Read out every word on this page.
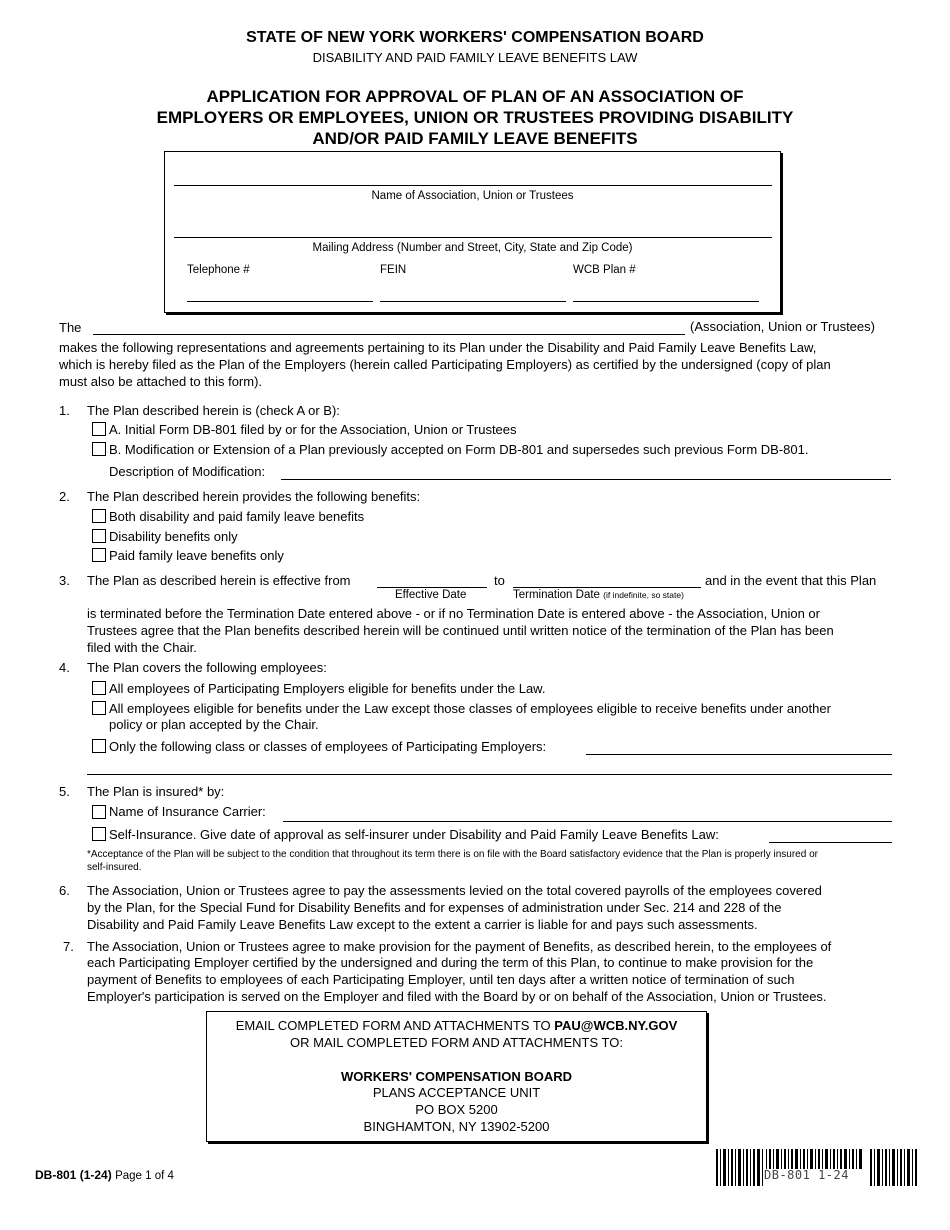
STATE OF NEW YORK WORKERS' COMPENSATION BOARD
DISABILITY AND PAID FAMILY LEAVE BENEFITS LAW
APPLICATION FOR APPROVAL OF PLAN OF AN ASSOCIATION OF
EMPLOYERS OR EMPLOYEES, UNION OR TRUSTEES PROVIDING DISABILITY
AND/OR PAID FAMILY LEAVE BENEFITS
Name of Association, Union or Trustees
Mailing Address (Number and Street, City, State and Zip Code)
Telephone #	FEIN	WCB Plan #
The	(Association, Union or Trustees)
makes the following representations and agreements pertaining to its Plan under the Disability and Paid Family Leave Benefits Law,
which is hereby filed as the Plan of the Employers (herein called Participating Employers) as certified by the undersigned (copy of plan
must also be attached to this form).
1. The Plan described herein is (check A or B):
A. Initial Form DB-801 filed by or for the Association, Union or Trustees
B. Modification or Extension of a Plan previously accepted on Form DB-801 and supersedes such previous Form DB-801.
Description of Modification:
2. The Plan described herein provides the following benefits:
Both disability and paid family leave benefits
Disability benefits only
Paid family leave benefits only
3. The Plan as described herein is effective from	to	and in the event that this Plan
Effective Date	Termination Date (if indefinite, so state)
is terminated before the Termination Date entered above - or if no Termination Date is entered above - the Association, Union or
Trustees agree that the Plan benefits described herein will be continued until written notice of the termination of the Plan has been
filed with the Chair.
4. The Plan covers the following employees:
All employees of Participating Employers eligible for benefits under the Law.
All employees eligible for benefits under the Law except those classes of employees eligible to receive benefits under another
policy or plan accepted by the Chair.
Only the following class or classes of employees of Participating Employers:
5. The Plan is insured* by:
Name of Insurance Carrier:
Self-Insurance. Give date of approval as self-insurer under Disability and Paid Family Leave Benefits Law:
*Acceptance of the Plan will be subject to the condition that throughout its term there is on file with the Board satisfactory evidence that the Plan is properly insured or
self-insured.
6. The Association, Union or Trustees agree to pay the assessments levied on the total covered payrolls of the employees covered
by the Plan, for the Special Fund for Disability Benefits and for expenses of administration under Sec. 214 and 228 of the
Disability and Paid Family Leave Benefits Law except to the extent a carrier is liable for and pays such assessments.
7. The Association, Union or Trustees agree to make provision for the payment of Benefits, as described herein, to the employees of
each Participating Employer certified by the undersigned and during the term of this Plan, to continue to make provision for the
payment of Benefits to employees of each Participating Employer, until ten days after a written notice of termination of such
Employer's participation is served on the Employer and filed with the Board by or on behalf of the Association, Union or Trustees.
EMAIL COMPLETED FORM AND ATTACHMENTS TO PAU@WCB.NY.GOV
OR MAIL COMPLETED FORM AND ATTACHMENTS TO:
WORKERS' COMPENSATION BOARD
PLANS ACCEPTANCE UNIT
PO BOX 5200
BINGHAMTON, NY 13902-5200
DB-801 (1-24) Page 1 of 4	DB-801 1-24
